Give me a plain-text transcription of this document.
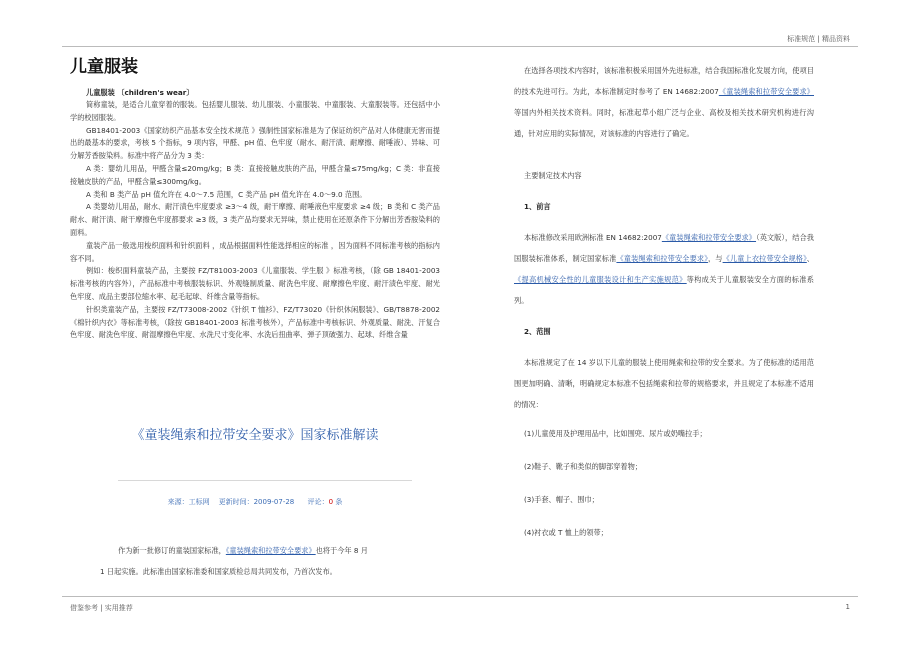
标准规范 | 精品资料
儿童服装
儿童服装 〔children's wear〕

简称童装，是适合儿童穿着的服装。包括婴儿服装、幼儿服装、小童服装、中童服装、大童服装等。还包括中小学的校园服装。

GB18401-2003《国家纺织产品基本安全技术规范 》强制性国家标准是为了保证纺织产品对人体健康无害而提出的最基本的要求，考核 5 个指标，9 项内容，甲醛、pH 值、色牢度（耐水、耐汗渍、耐摩擦、耐唾液）、异味、可分解芳香胺染料。标准中将产品分为 3 类：

A 类：婴幼儿用品，甲醛含量≤20mg/kg；B 类：直接接触皮肤的产品，甲醛含量≤75mg/kg；C 类：非直接接触皮肤的产品，甲醛含量≤300mg/kg。

A 类和 B 类产品 pH 值允许在 4.0～7.5 范围，C 类产品 pH 值允许在 4.0～9.0 范围。

A 类婴幼儿用品，耐水、耐汗渍色牢度要求 ≥3～4 级，耐干摩擦、耐唾液色牢度要求 ≥4 级；B 类和 C 类产品耐水、耐汗渍、耐干摩擦色牢度都要求 ≥3 级，3 类产品均要求无异味，禁止使用在还原条件下分解出芳香胺染料的面料。

童装产品一般选用梭织面料和针织面料 ，成品根据面料性能选择相应的标准 ，因为面料不同标准考核的指标内容不同。

例如：梭织面料童装产品，主要按 FZ/T81003-2003《儿童服装、学生服 》标准考核，（除 GB 18401-2003 标准考核的内容外），产品标准中考核服装标识、外观缝制质量、耐洗色牢度、耐摩擦色牢度、耐汗渍色牢度、耐光色牢度、成品主要部位缩水率、起毛起球、纤维含量等指标。

针织类童装产品，主要按 FZ/T73008-2002《针织 T 恤衫》、FZ/T73020《针织休闲服装》、GB/T8878-2002《棉针织内衣》等标准考核，（除按 GB18401-2003 标准考核外），产品标准中考核标识、外观质量、耐洗、汗复合色牢度、耐洗色牢度、耐湿摩擦色牢度、水洗尺寸变化率、水洗后扭曲率、弹子顶破强力、起球、纤维含量

《童装绳索和拉带安全要求》国家标准解读
来源：工标网 更新时间：2009-07-28 评论：0 条

作为新一批修订的童装国家标准，《童装绳索和拉带安全要求》也将于今年 8 月

1 日起实施。此标准由国家标准委和国家质检总局共同发布，乃首次发布。

在选择各项技术内容时，该标准积极采用国外先进标准，结合我国标准化发展方向，使项目的技术先进可行。为此，本标准制定时参考了 EN 14682:2007《童装绳索和拉带安全要求》等国内外相关技术资料。同时，标准起草小组广泛与企业、高校及相关技术研究机构进行沟通，针对应用的实际情况，对该标准的内容进行了确定。

主要制定技术内容

1、前言

本标准修改采用欧洲标准 EN 14682:2007《童装绳索和拉带安全要求》（英文版），结合我国服装标准体系，制定国家标准《童装绳索和拉带安全要求》，与《儿童上衣拉带安全规格》、《提高机械安全性的儿童服装设计和生产实施规范》等构成关于儿童服装安全方面的标准系列。

2、范围

本标准规定了在 14 岁以下儿童的服装上使用绳索和拉带的安全要求。为了使标准的适用范围更加明确、清晰，明确规定本标准不包括绳索和拉带的规格要求，并且规定了本标准不适用的情况：

(1)儿童使用及护理用品中，比如围兜、尿片或奶嘴拉手；

(2)鞋子、靴子和类似的脚部穿着物；

(3)手套、帽子、围巾；

(4)衬衣或 T 恤上的领带；

借鉴参考 | 实用推荐	1
